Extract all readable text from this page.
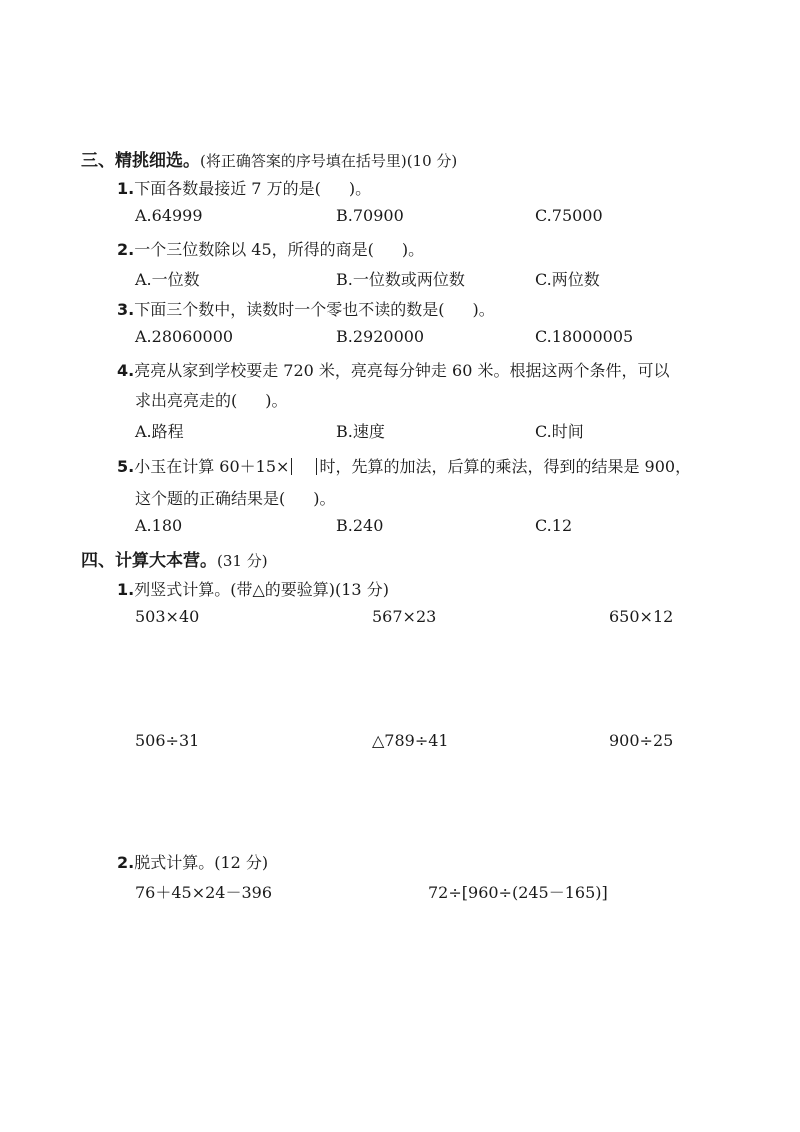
三、精挑细选。(将正确答案的序号填在括号里)(10 分)
1.下面各数最接近 7 万的是( )。
A.64999	B.70900	C.75000
2.一个三位数除以 45，所得的商是( )。
A.一位数	B.一位数或两位数	C.两位数
3.下面三个数中，读数时一个零也不读的数是( )。
A.28060000	B.2920000	C.18000005
4.亮亮从家到学校要走 720 米，亮亮每分钟走 60 米。根据这两个条件，可以
求出亮亮走的( )。
A.路程	B.速度	C.时间
5.小玉在计算 60＋15× 时，先算的加法，后算的乘法，得到的结果是 900，
这个题的正确结果是( )。
A.180	B.240	C.12
四、计算大本营。(31 分)
1.列竖式计算。(带△的要验算)(13 分)
503×40	567×23	650×12
506÷31	△789÷41	900÷25
2.脱式计算。(12 分)
76＋45×24－396	72÷[960÷(245－165)]
